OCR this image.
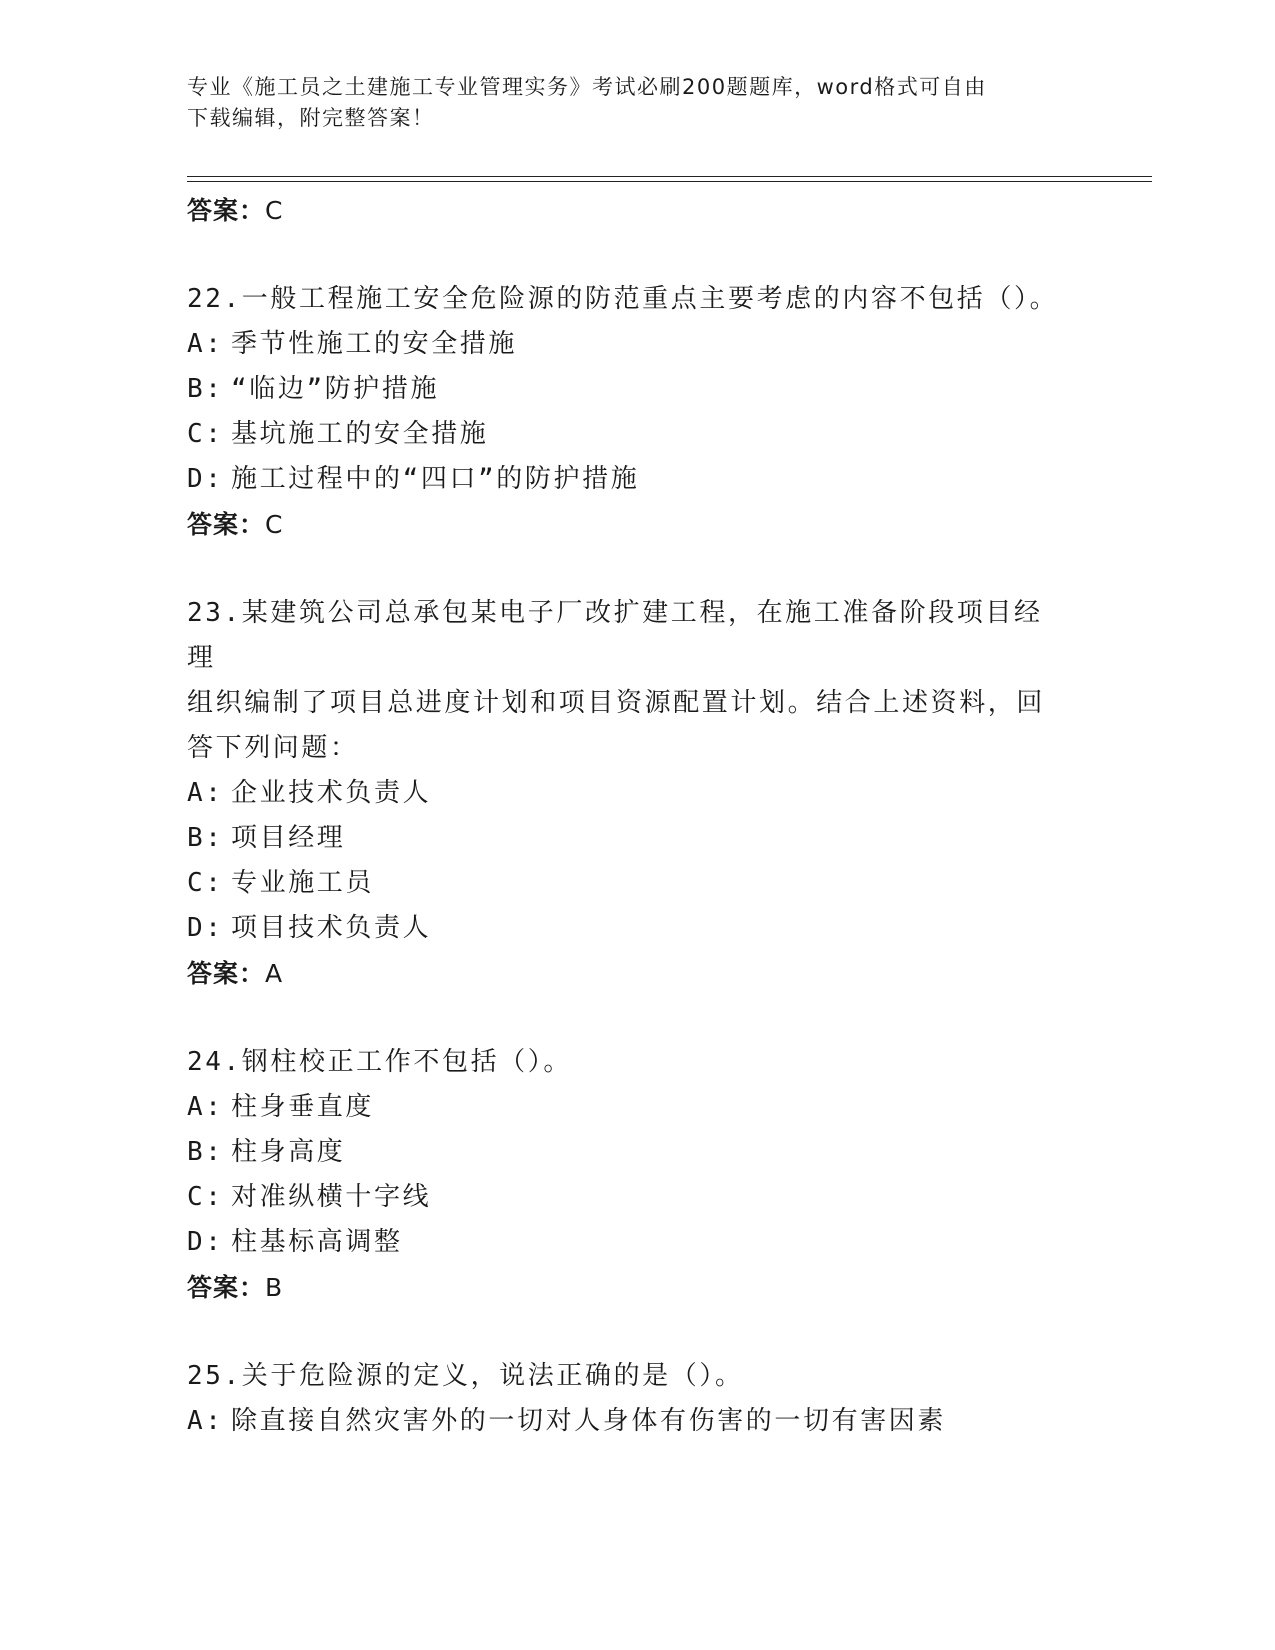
专业《施工员之土建施工专业管理实务》考试必刷200题题库，word格式可自由
下载编辑，附完整答案！
答案：C
22.一般工程施工安全危险源的防范重点主要考虑的内容不包括（）。
A: 季节性施工的安全措施
B: “临边”防护措施
C: 基坑施工的安全措施
D: 施工过程中的“四口”的防护措施
答案：C
23.某建筑公司总承包某电子厂改扩建工程，在施工准备阶段项目经理
组织编制了项目总进度计划和项目资源配置计划。结合上述资料，回
答下列问题：
A: 企业技术负责人
B: 项目经理
C: 专业施工员
D: 项目技术负责人
答案：A
24.钢柱校正工作不包括（）。
A: 柱身垂直度
B: 柱身高度
C: 对准纵横十字线
D: 柱基标高调整
答案：B
25.关于危险源的定义，说法正确的是（）。
A: 除直接自然灾害外的一切对人身体有伤害的一切有害因素
